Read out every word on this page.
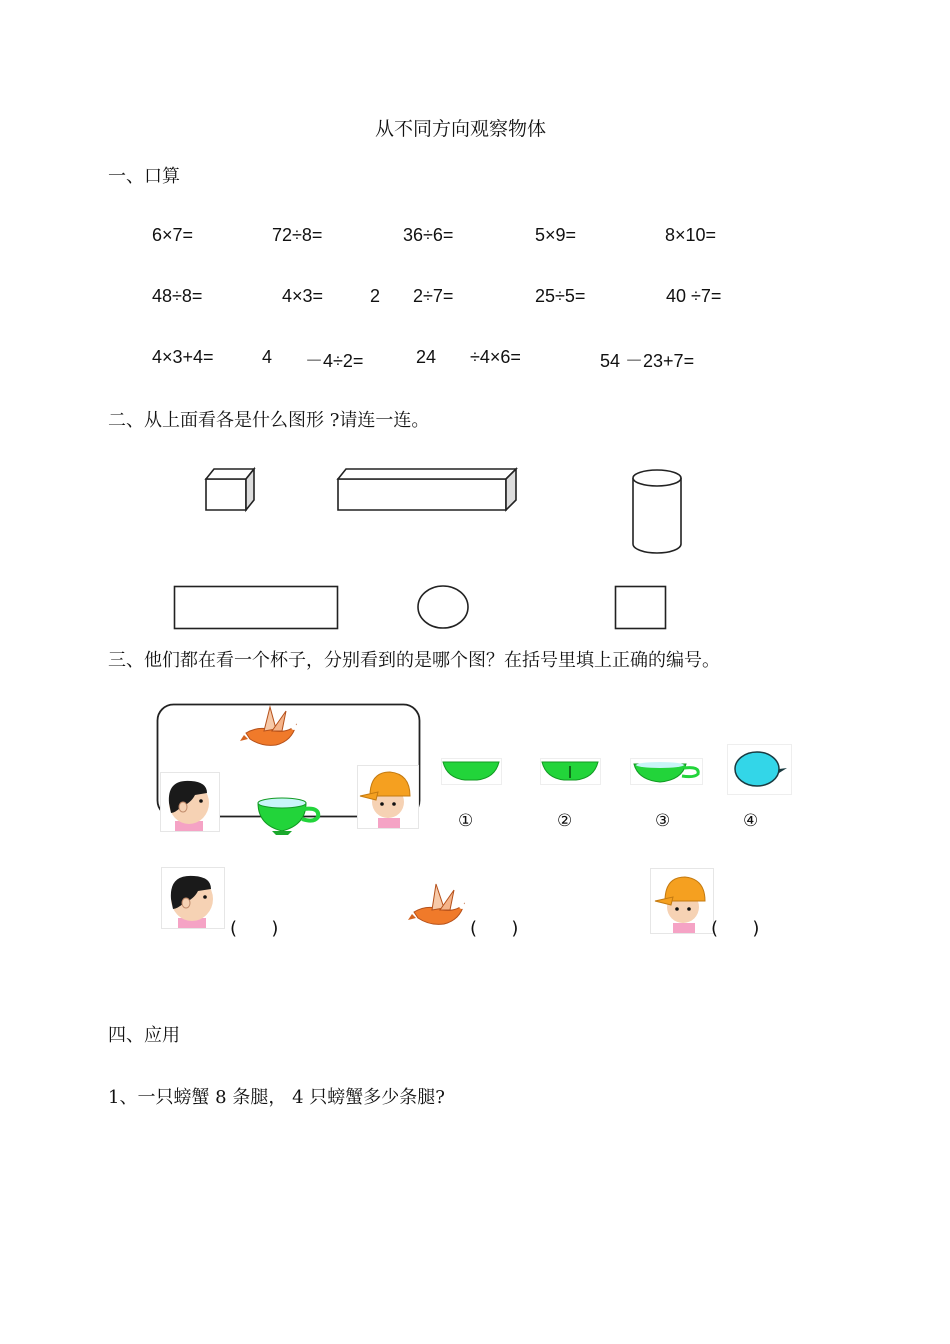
从不同方向观察物体
一、口算
6×7=	72÷8=	36÷6=	5×9=	8×10=
48÷8=	4×3=	2 2÷7=	25÷5=	40 ÷7=
4×3+4=	4 －4÷2=	24 ÷4×6=	54 －23+7=
二、从上面看各是什么图形 ?请连一连。
三、他们都在看一个杯子，分别看到的是哪个图？在括号里填上正确的编号。
①	②	③	④
(      )	(      )	(      )
四、应用
1、一只螃蟹 8 条腿， 4 只螃蟹多少条腿?
